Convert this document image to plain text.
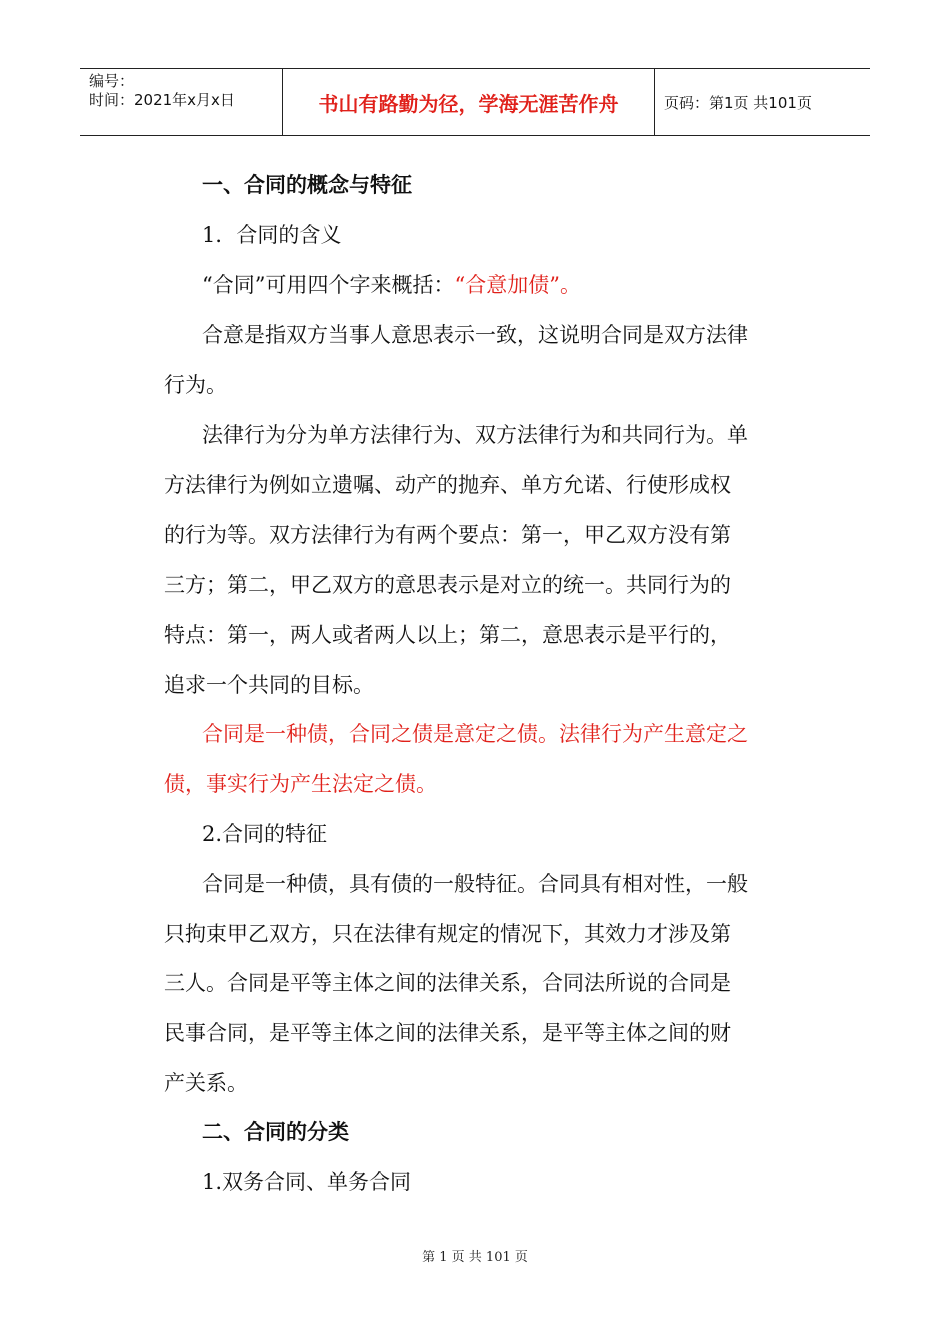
编号：
时间：2021年x月x日	书山有路勤为径，学海无涯苦作舟	页码：第1页 共101页
一、合同的概念与特征
1．合同的含义
“合同”可用四个字来概括：“合意加债”。
合意是指双方当事人意思表示一致，这说明合同是双方法律
行为。
法律行为分为单方法律行为、双方法律行为和共同行为。单
方法律行为例如立遗嘱、动产的抛弃、单方允诺、行使形成权
的行为等。双方法律行为有两个要点：第一，甲乙双方没有第
三方；第二，甲乙双方的意思表示是对立的统一。共同行为的
特点：第一，两人或者两人以上；第二，意思表示是平行的，
追求一个共同的目标。
合同是一种债，合同之债是意定之债。法律行为产生意定之
债，事实行为产生法定之债。
2.合同的特征
合同是一种债，具有债的一般特征。合同具有相对性，一般
只拘束甲乙双方，只在法律有规定的情况下，其效力才涉及第
三人。合同是平等主体之间的法律关系，合同法所说的合同是
民事合同，是平等主体之间的法律关系，是平等主体之间的财
产关系。
二、合同的分类
1.双务合同、单务合同
第 1 页 共 101 页
